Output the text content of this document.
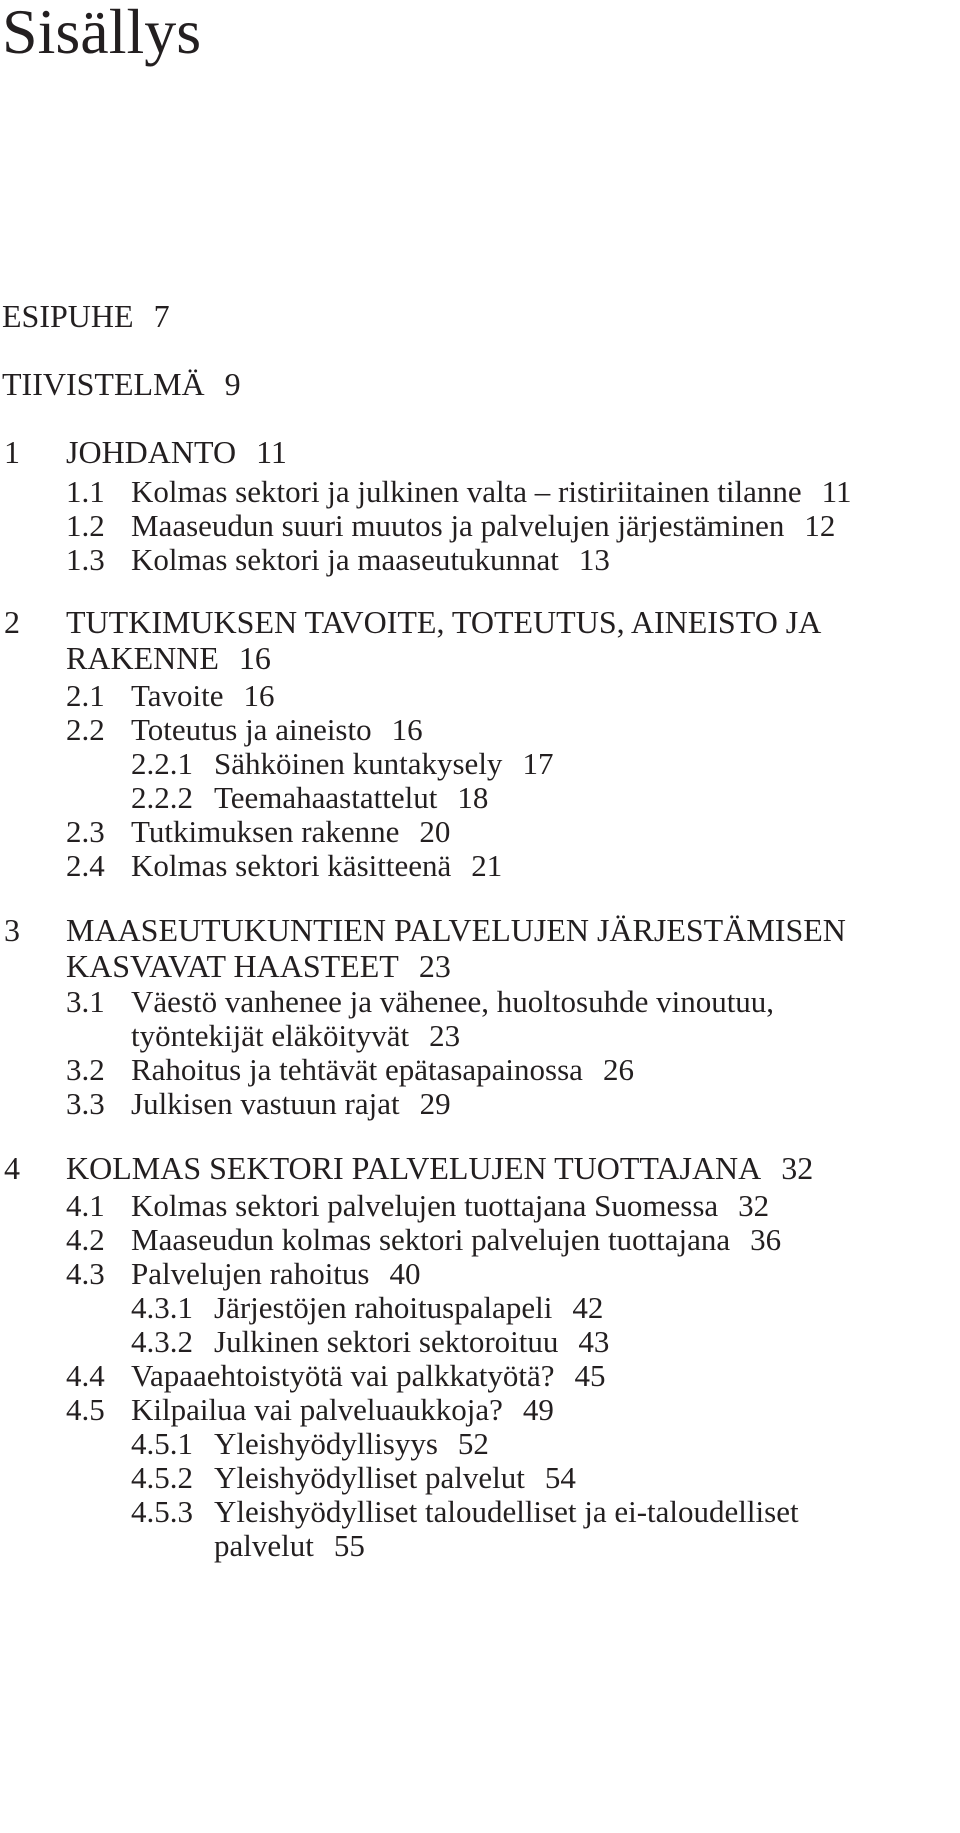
Sisällys
ESIPUHE 7
TIIVISTELMÄ 9
1 JOHDANTO 11
1.1 Kolmas sektori ja julkinen valta – ristiriitainen tilanne 11
1.2 Maaseudun suuri muutos ja palvelujen järjestäminen 12
1.3 Kolmas sektori ja maaseutukunnat 13
2 TUTKIMUKSEN TAVOITE, TOTEUTUS, AINEISTO JA
RAKENNE 16
2.1 Tavoite 16
2.2 Toteutus ja aineisto 16
2.2.1 Sähköinen kuntakysely 17
2.2.2 Teemahaastattelut 18
2.3 Tutkimuksen rakenne 20
2.4 Kolmas sektori käsitteenä 21
3 MAASEUTUKUNTIEN PALVELUJEN JÄRJESTÄMISEN
KASVAVAT HAASTEET 23
3.1 Väestö vanhenee ja vähenee, huoltosuhde vinoutuu,
työntekijät eläköityvät 23
3.2 Rahoitus ja tehtävät epätasapainossa 26
3.3 Julkisen vastuun rajat 29
4 KOLMAS SEKTORI PALVELUJEN TUOTTAJANA 32
4.1 Kolmas sektori palvelujen tuottajana Suomessa 32
4.2 Maaseudun kolmas sektori palvelujen tuottajana 36
4.3 Palvelujen rahoitus 40
4.3.1 Järjestöjen rahoituspalapeli 42
4.3.2 Julkinen sektori sektoroituu 43
4.4 Vapaaehtoistyötä vai palkkatyötä? 45
4.5 Kilpailua vai palveluaukkoja? 49
4.5.1 Yleishyödyllisyys 52
4.5.2 Yleishyödylliset palvelut 54
4.5.3 Yleishyödylliset taloudelliset ja ei-taloudelliset
palvelut 55
